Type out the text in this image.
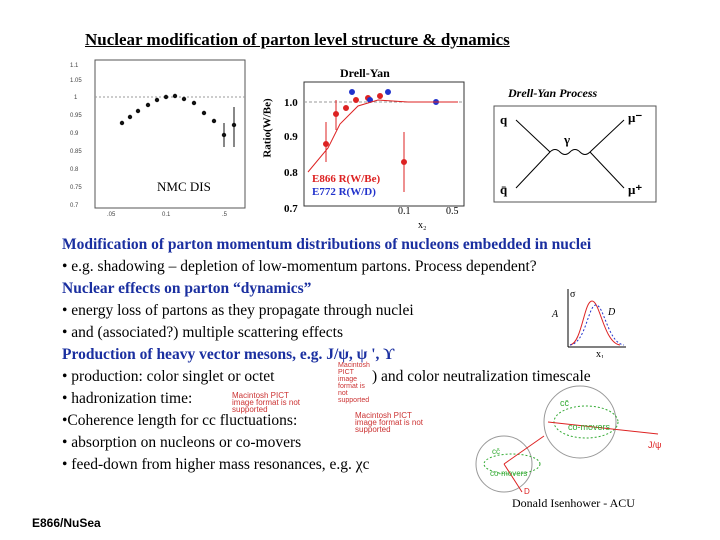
Nuclear modification of parton level structure & dynamics
1.1
1.05
1
0.95
0.9
0.85
0.8
0.75
0.7
.05	0.1	.5
NMC DIS
Drell-Yan
Ratio(W/Be) 1.0
0.9
0.8
0.7	0.1	0.5
x₂
E866 R(W/Be)
E772 R(W/D)
Drell-Yan Process
q
q̄
γ
μ⁻
μ⁺
Modification of parton momentum distributions of nucleons embedded in nuclei
• e.g. shadowing – depletion of low-momentum partons. Process dependent?
Nuclear effects on parton “dynamics”
• energy loss of partons as they propagate through nuclei
• and (associated?) multiple scattering effects
Production of heavy vector mesons, e.g. J/ψ, ψ ', ϒ
• production: color singlet or octet	) and color neutralization timescale
• hadronization time:
•Coherence length for cc fluctuations:
• absorption on nucleons or co-movers
• feed-down from higher mass resonances, e.g. χc
Macintosh PICT image format is not supported
Macintosh PICT image format is not supported
Macintosh PICT image format is not supported
σ
A	D
x₁
cc̄
co-movers
J/ψ
cc̄
co-movers
D
Donald Isenhower - ACU
E866/NuSea
